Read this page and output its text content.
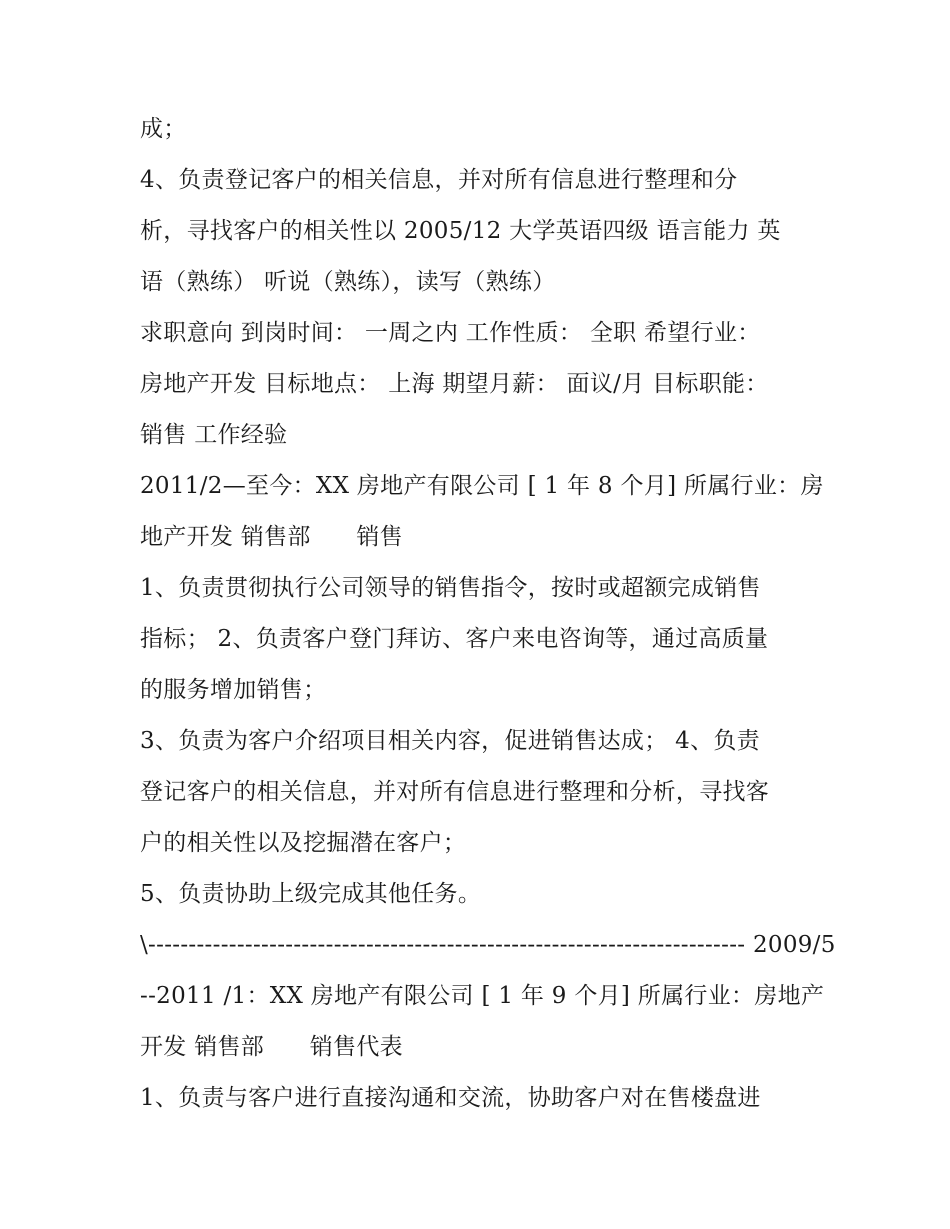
成；
4、负责登记客户的相关信息，并对所有信息进行整理和分
析，寻找客户的相关性以 2005/12 大学英语四级 语言能力 英
语（熟练） 听说（熟练），读写（熟练）
求职意向 到岗时间： 一周之内 工作性质： 全职 希望行业：
房地产开发 目标地点： 上海 期望月薪： 面议/月 目标职能：
销售 工作经验
2011/2—至今：XX 房地产有限公司 [ 1 年 8 个月] 所属行业：房
地产开发 销售部      销售
1、负责贯彻执行公司领导的销售指令，按时或超额完成销售
指标； 2、负责客户登门拜访、客户来电咨询等，通过高质量
的服务增加销售；
3、负责为客户介绍项目相关内容，促进销售达成； 4、负责
登记客户的相关信息，并对所有信息进行整理和分析，寻找客
户的相关性以及挖掘潜在客户；
5、负责协助上级完成其他任务。
\-------------------------------------------------------------------------- 2009/5
--2011 /1：XX 房地产有限公司 [ 1 年 9 个月] 所属行业：房地产
开发 销售部      销售代表
1、负责与客户进行直接沟通和交流，协助客户对在售楼盘进
